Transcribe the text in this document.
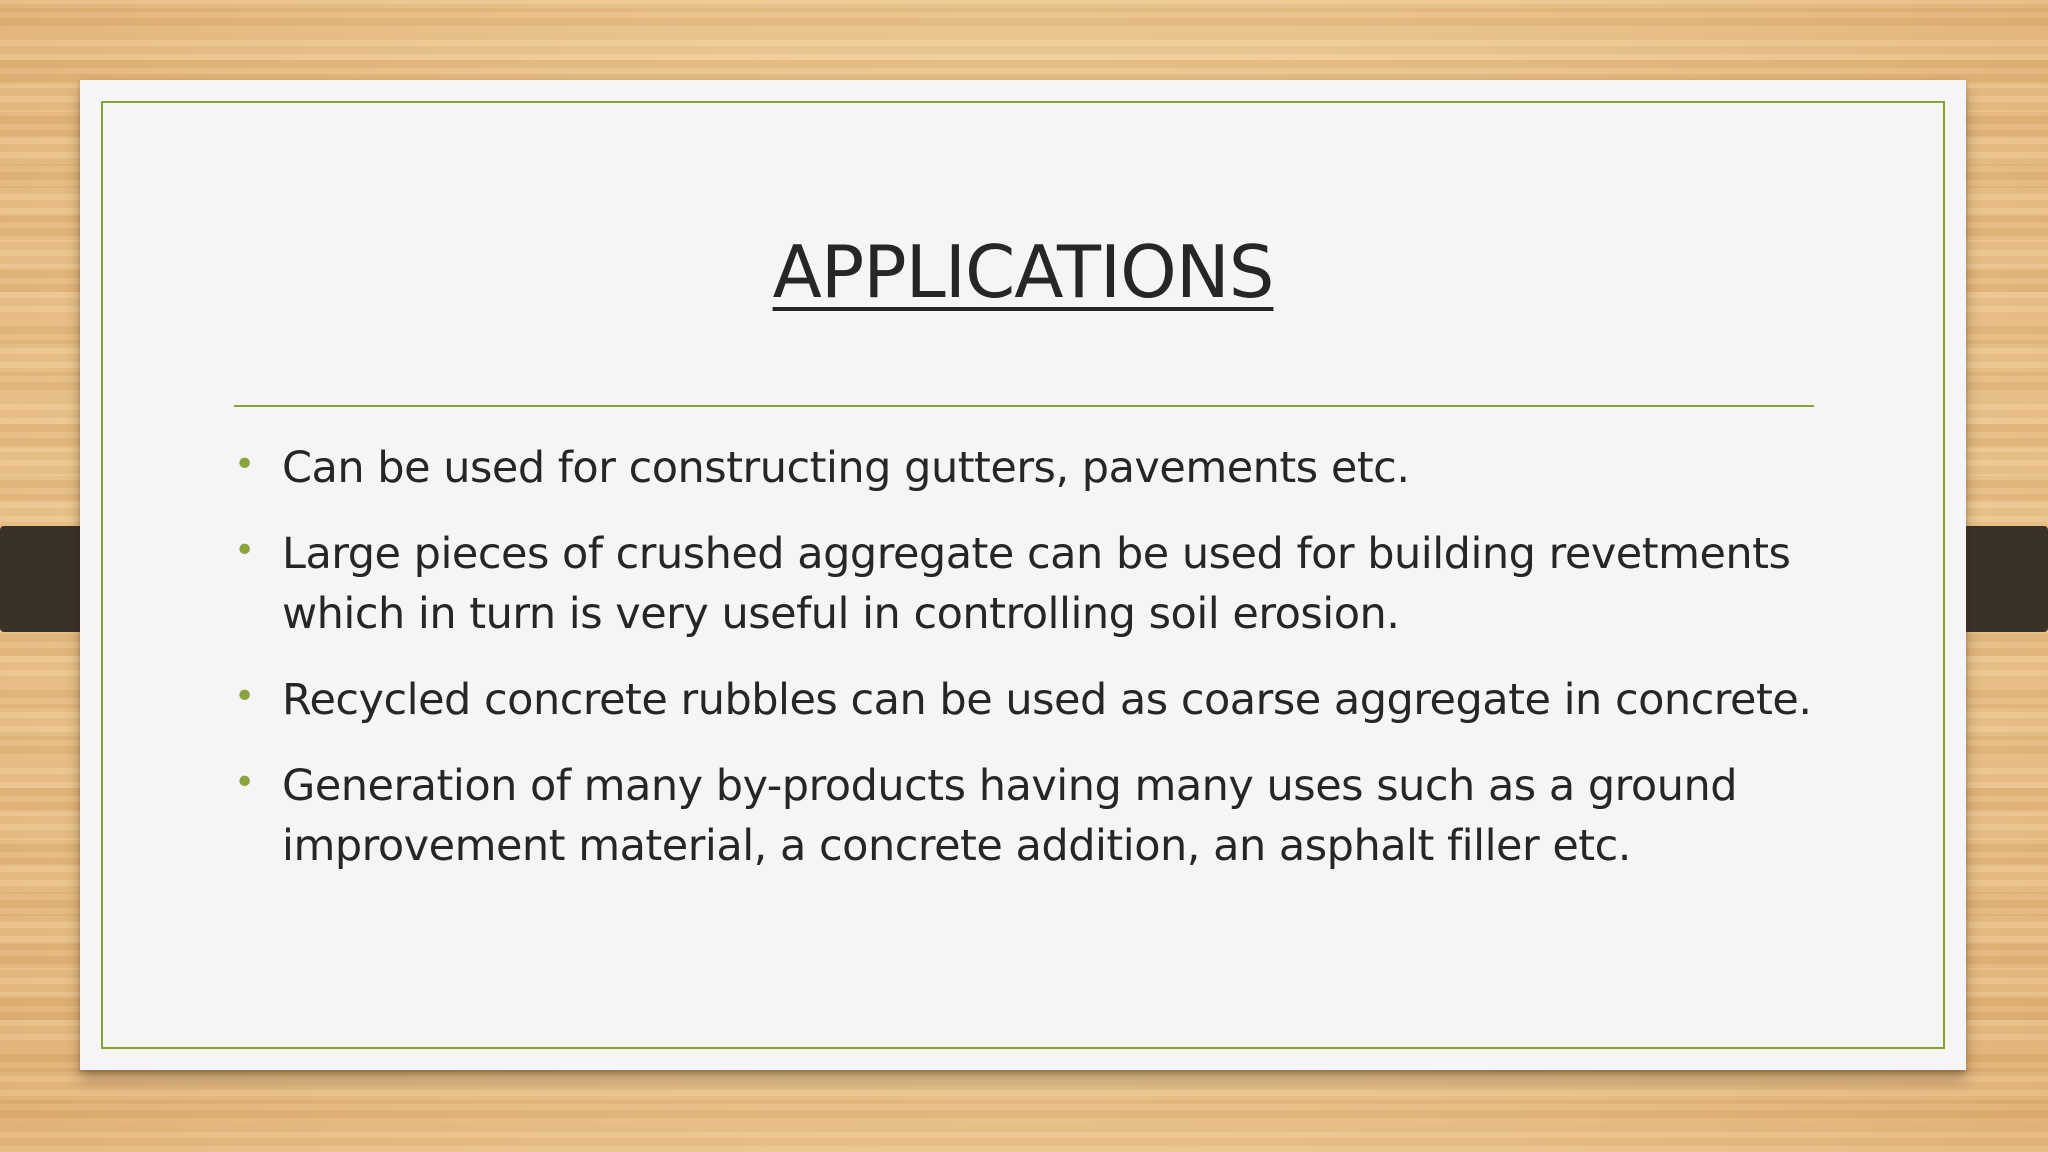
APPLICATIONS
• Can be used for constructing gutters, pavements etc.
• Large pieces of crushed aggregate can be used for building revetments which in turn is very useful in controlling soil erosion.
• Recycled concrete rubbles can be used as coarse aggregate in concrete.
• Generation of many by-products having many uses such as a ground improvement material, a concrete addition, an asphalt filler etc.
